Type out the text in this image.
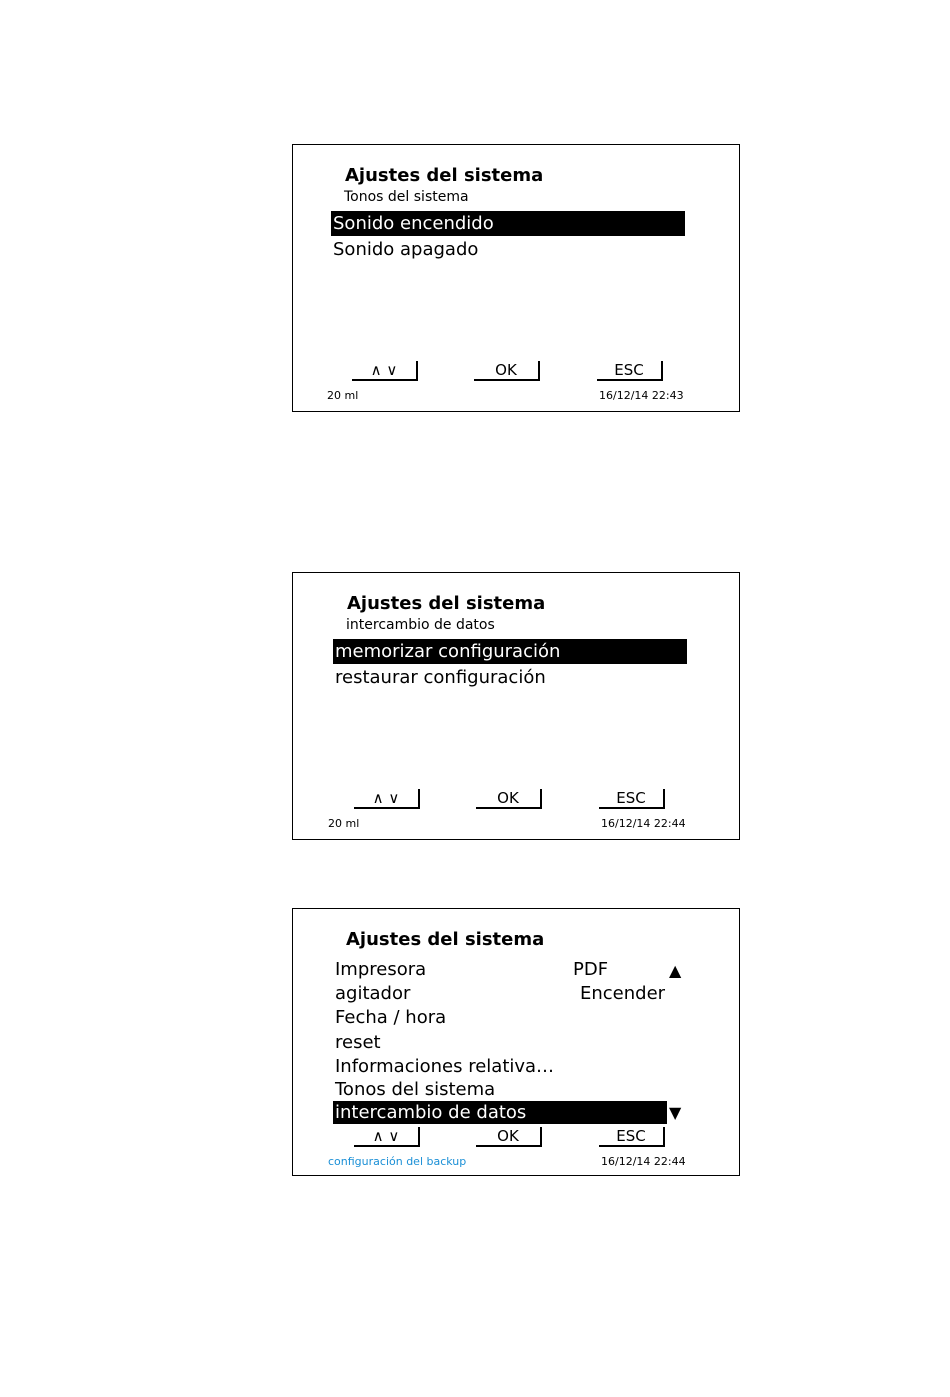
Ajustes del sistema
Tonos del sistema
Sonido encendido
Sonido apagado
∧ ∨	OK	ESC
20 ml	16/12/14 22:43
Ajustes del sistema
intercambio de datos
memorizar configuración
restaurar configuración
∧ ∨	OK	ESC
20 ml	16/12/14 22:44
Ajustes del sistema
Impresora	PDF	▲
agitador	Encender
Fecha / hora
reset
Informaciones relativa…
Tonos del sistema
intercambio de datos	▼
∧ ∨	OK	ESC
configuración del backup	16/12/14 22:44
